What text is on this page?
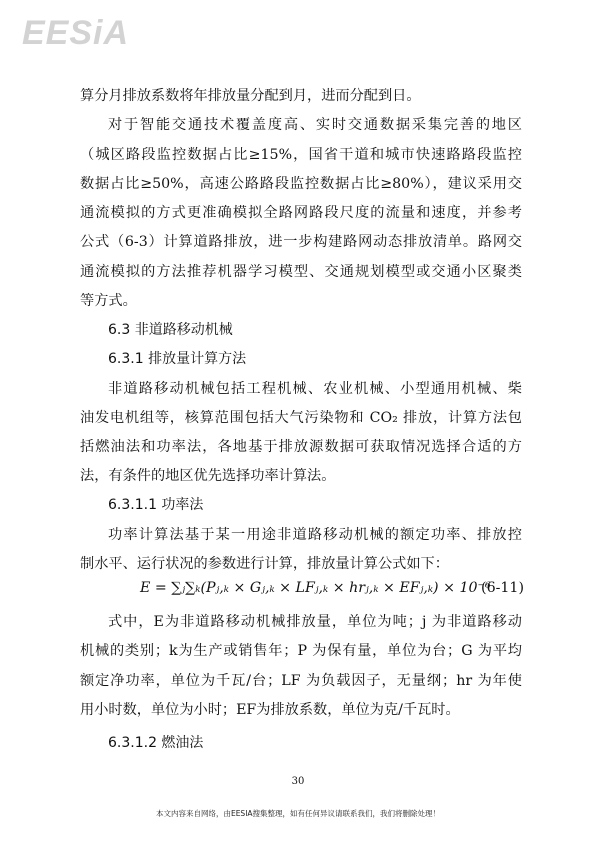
EESiA
算分月排放系数将年排放量分配到月，进而分配到日。
对于智能交通技术覆盖度高、实时交通数据采集完善的地区
（城区路段监控数据占比≥15%，国省干道和城市快速路路段监控
数据占比≥50%，高速公路路段监控数据占比≥80%），建议采用交
通流模拟的方式更准确模拟全路网路段尺度的流量和速度，并参考
公式（6-3）计算道路排放，进一步构建路网动态排放清单。路网交
通流模拟的方法推荐机器学习模型、交通规划模型或交通小区聚类
等方式。
6.3 非道路移动机械
6.3.1 排放量计算方法
非道路移动机械包括工程机械、农业机械、小型通用机械、柴
油发电机组等，核算范围包括大气污染物和 CO₂ 排放，计算方法包
括燃油法和功率法，各地基于排放源数据可获取情况选择合适的方
法，有条件的地区优先选择功率计算法。
6.3.1.1 功率法
功率计算法基于某一用途非道路移动机械的额定功率、排放控
制水平、运行状况的参数进行计算，排放量计算公式如下：
E = ∑ⱼ∑ₖ(Pⱼ,ₖ × Gⱼ,ₖ × LFⱼ,ₖ × hrⱼ,ₖ × EFⱼ,ₖ) × 10⁻⁶
(6-11)
式中，E为非道路移动机械排放量，单位为吨；j 为非道路移动
机械的类别；k为生产或销售年；P 为保有量，单位为台；G 为平均
额定净功率，单位为千瓦/台；LF 为负载因子，无量纲；hr 为年使
用小时数，单位为小时；EF为排放系数，单位为克/千瓦时。
6.3.1.2 燃油法
30
本文内容来自网络，由EESIA搜集整理，如有任何异议请联系我们，我们将删除处理！
